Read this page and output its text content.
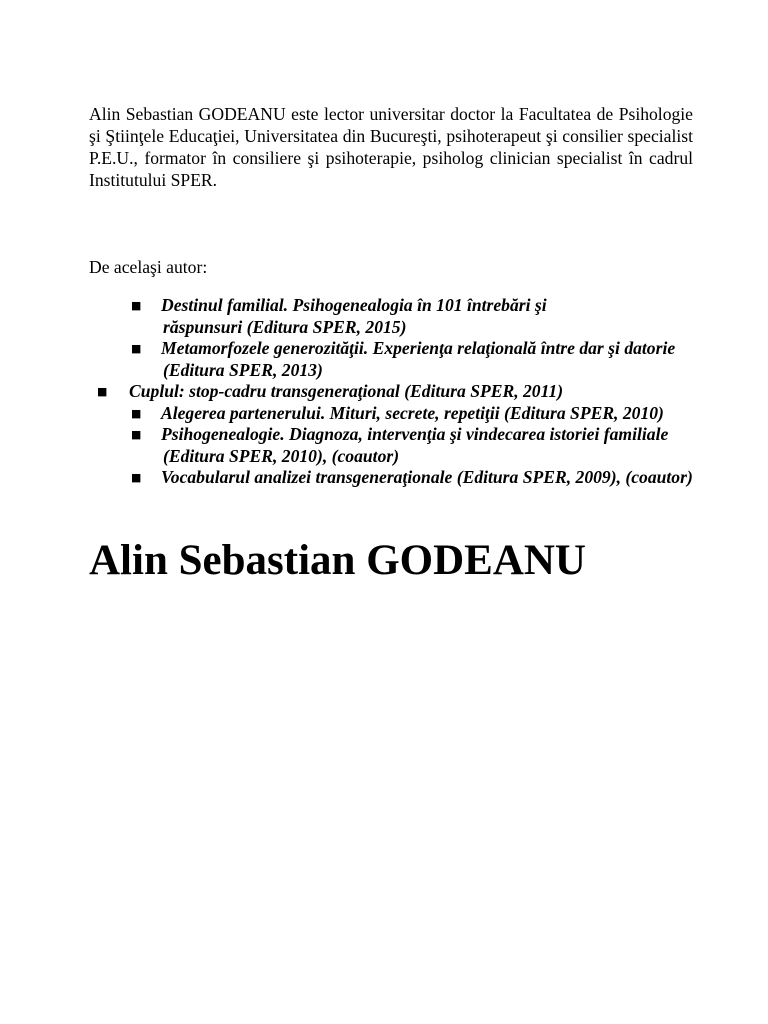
Alin Sebastian GODEANU este lector universitar doctor la Facultatea de Psihologie şi Ştiinţele Educaţiei, Universitatea din Bucureşti, psihoterapeut şi consilier specialist P.E.U., formator în consiliere şi psihoterapie, psiholog clinician specialist în cadrul Institutului SPER.

De acelaşi autor:

■ Destinul familial. Psihogenealogia în 101 întrebări şi răspunsuri (Editura SPER, 2015)
■ Metamorfozele generozităţii. Experienţa relaţională între dar şi datorie (Editura SPER, 2013)
■ Cuplul: stop-cadru transgeneraţional (Editura SPER, 2011)
■ Alegerea partenerului. Mituri, secrete, repetiţii (Editura SPER, 2010)
■ Psihogenealogie. Diagnoza, intervenţia şi vindecarea istoriei familiale (Editura SPER, 2010), (coautor)
■ Vocabularul analizei transgeneraţionale (Editura SPER, 2009), (coautor)
Alin Sebastian GODEANU
